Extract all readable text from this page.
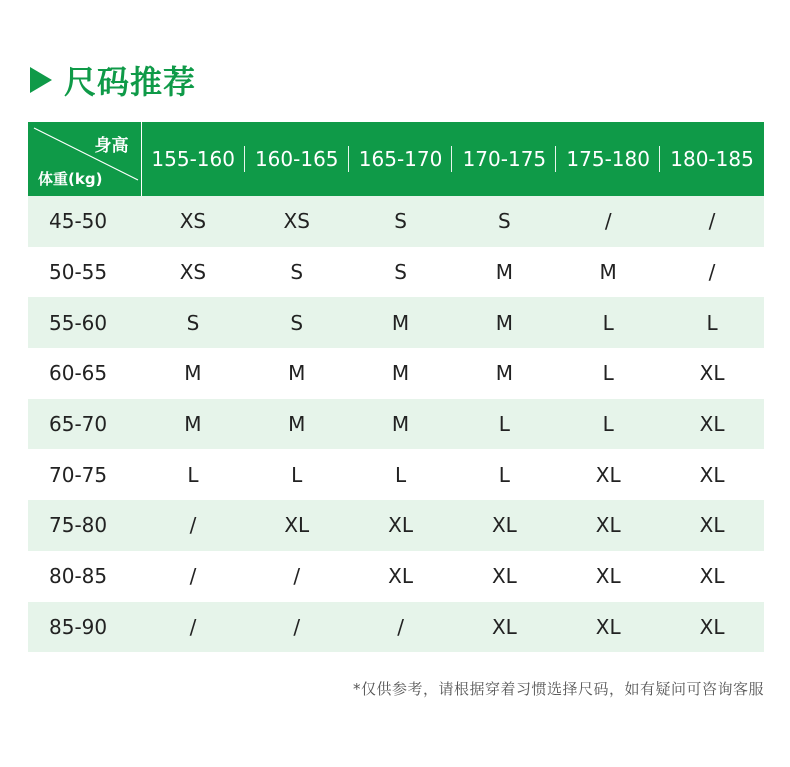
尺码推荐
身高
体重(kg)	155-160	160-165	165-170	170-175	175-180	180-185
45-50	XS	XS	S	S	/	/
50-55	XS	S	S	M	M	/
55-60	S	S	M	M	L	L
60-65	M	M	M	M	L	XL
65-70	M	M	M	L	L	XL
70-75	L	L	L	L	XL	XL
75-80	/	XL	XL	XL	XL	XL
80-85	/	/	XL	XL	XL	XL
85-90	/	/	/	XL	XL	XL
*仅供参考，请根据穿着习惯选择尺码，如有疑问可咨询客服
